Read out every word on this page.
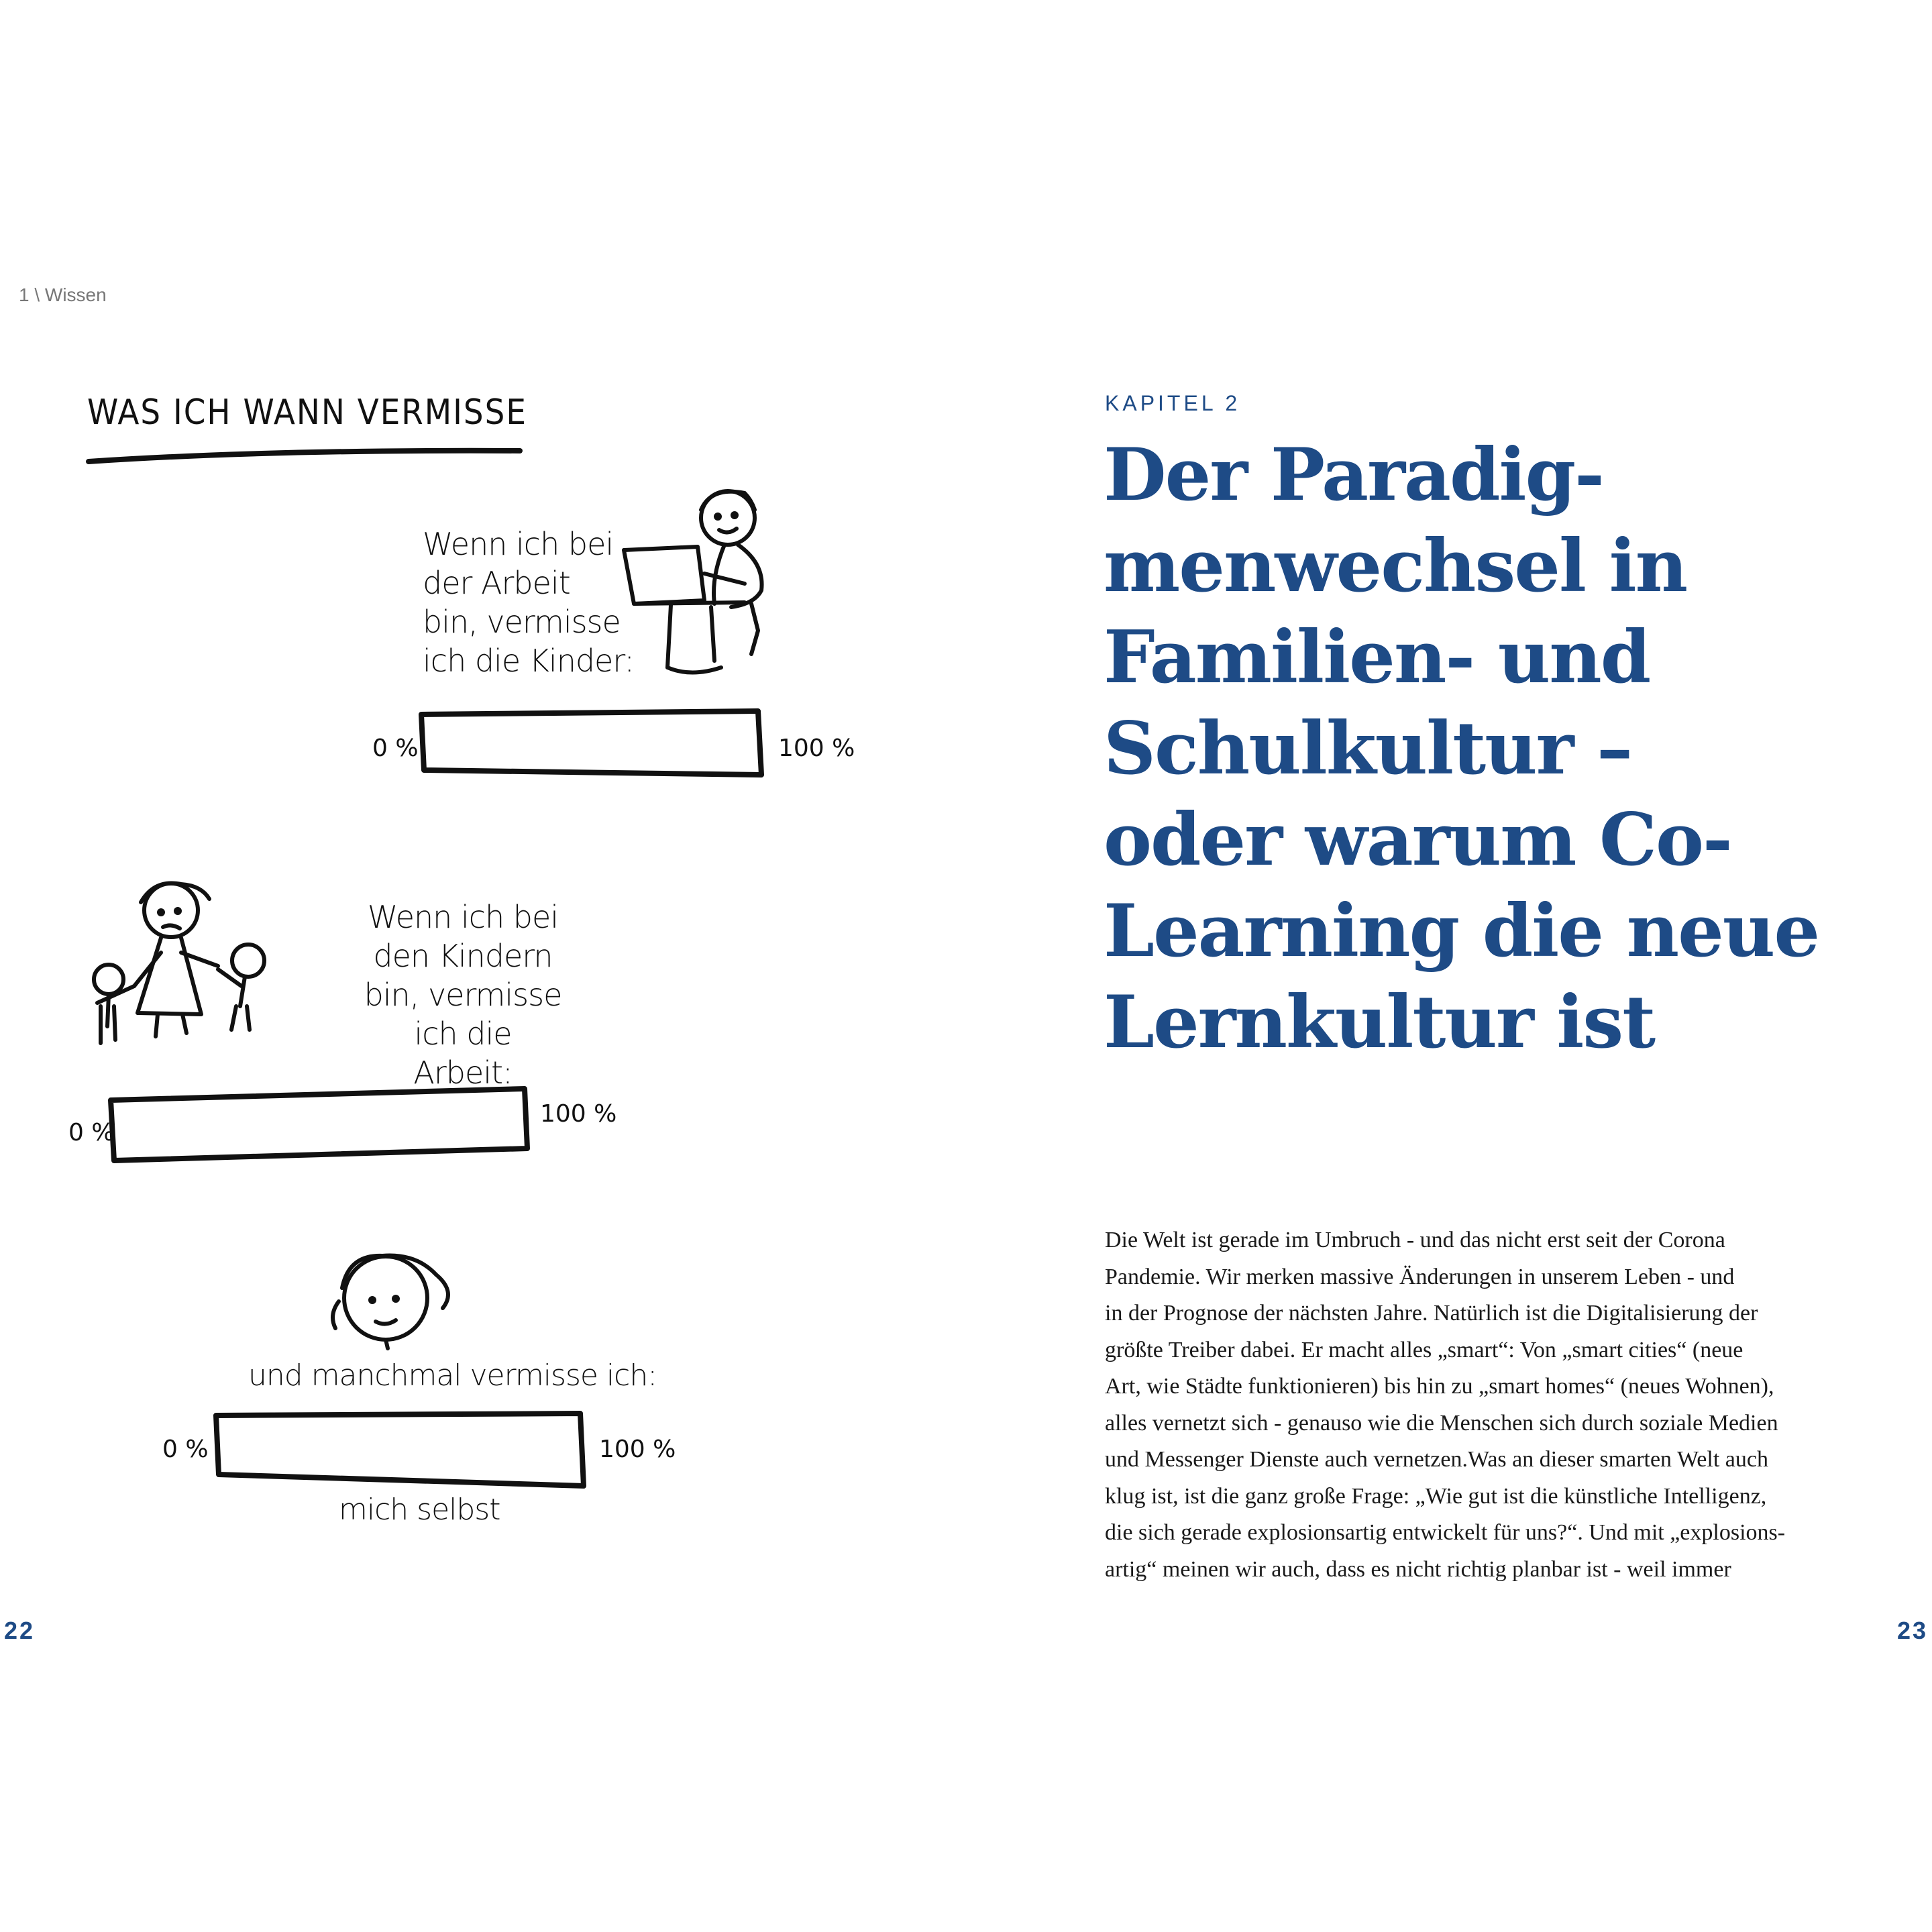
1 \ Wissen
WAS ICH WANN VERMISSE
Wenn ich bei
der Arbeit
bin, vermisse
ich die Kinder:
0 %	100 %
Wenn ich bei
den Kindern
bin, vermisse
ich die Arbeit:
0 %
100 %
und manchmal vermisse ich:
0 %	100 %
mich selbst
22
KAPITEL 2
Der Paradig-
menwechsel in
Familien- und
Schulkultur –
oder warum Co-
Learning die neue
Lernkultur ist

Die Welt ist gerade im Umbruch - und das nicht erst seit der Corona
Pandemie. Wir merken massive Änderungen in unserem Leben - und
in der Prognose der nächsten Jahre. Natürlich ist die Digitalisierung der
größte Treiber dabei. Er macht alles „smart“: Von „smart cities“ (neue
Art, wie Städte funktionieren) bis hin zu „smart homes“ (neues Wohnen),
alles vernetzt sich - genauso wie die Menschen sich durch soziale Medien
und Messenger Dienste auch vernetzen.Was an dieser smarten Welt auch
klug ist, ist die ganz große Frage: „Wie gut ist die künstliche Intelligenz,
die sich gerade explosionsartig entwickelt für uns?“. Und mit „explosions-
artig“ meinen wir auch, dass es nicht richtig planbar ist - weil immer

23
